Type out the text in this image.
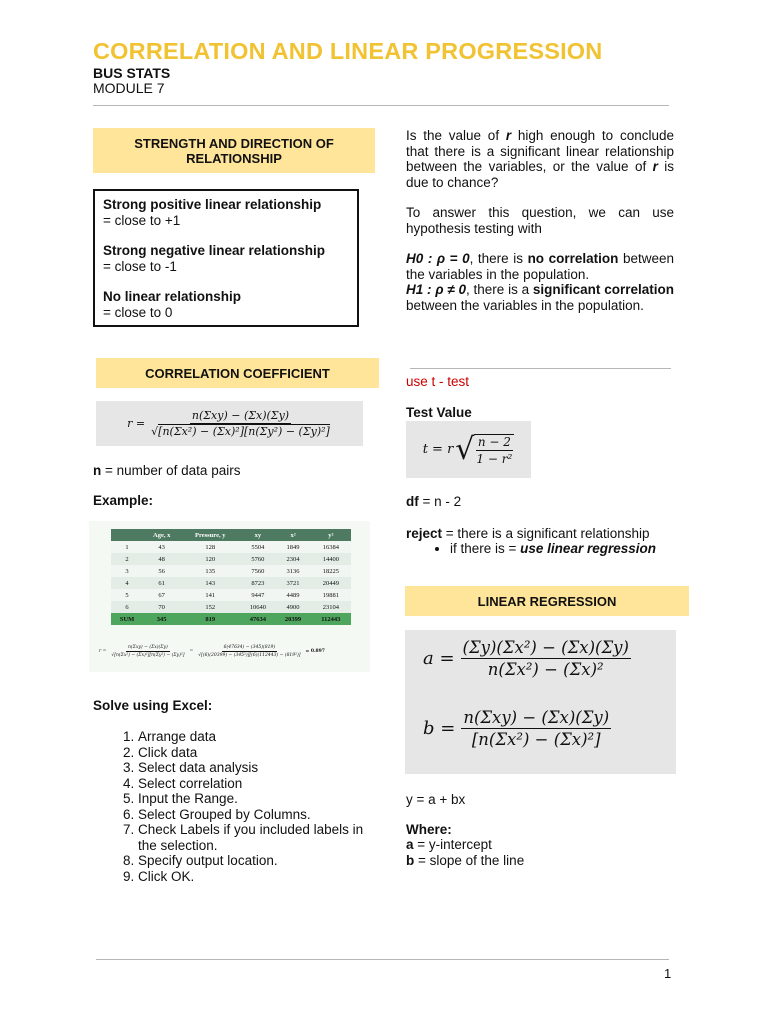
CORRELATION AND LINEAR PROGRESSION
BUS STATS
MODULE 7
STRENGTH AND DIRECTION OF RELATIONSHIP

Strong positive linear relationship

= close to +1

Strong negative linear relationship

= close to -1

No linear relationship

= close to 0

CORRELATION COEFFICIENT
$r = \frac{\text{n(Σxy) − (Σx)(Σy)}}{\text{√[n(Σx²) − (Σx)²][n(Σy²) − (Σy)²]}}$
n = number of data pairs
Example:
	Age, x	Pressure, y	xy	x²	y²
1	43	128	5504	1849	16384
2	48	120	5760	2304	14400
3	56	135	7560	3136	18225
4	61	143	8723	3721	20449
5	67	141	9447	4489	19881
6	70	152	10640	4900	23104
SUM	345	819	47634	20399	112443
$r = \frac{\text{n(Σxy) − (Σx)(Σy)}}{\text{√[n(Σx²) − (Σx)²][n(Σy²) − (Σy)²]}} = \frac{6(47634) - (345)(819)}{\text{√[(6)(20399) − (345²)][(6)(112443) − (819²)]}} = 0.897$
Solve using Excel:
1. Arrange data
2. Click data
3. Select data analysis
4. Select correlation
5. Input the Range.
6. Select Grouped by Columns.
7. Check Labels if you included labels in the selection.
8. Specify output location.
9. Click OK.
Is the value of r high enough to conclude that there is a significant linear relationship between the variables, or the value of r is due to chance?
To answer this question, we can use hypothesis testing with
H0 : ρ = 0, there is no correlation between the variables in the population.
H1 : ρ ≠ 0, there is a significant correlation between the variables in the population.
use t - test
Test Value
t = r √ $\frac{n - 2}{\text{1 − r²}}$
df = n - 2
reject = there is a significant relationship
• if there is = use linear regression
LINEAR REGRESSION
$a = \frac{\text{(Σy)(Σx²) − (Σx)(Σy)}}{\text{n(Σx²) − (Σx)²}}$
$b = \frac{\text{n(Σxy) − (Σx)(Σy)}}{\text{[n(Σx²) − (Σx)²]}}$
y = a + bx
Where:
a = y-intercept
b = slope of the line
1
